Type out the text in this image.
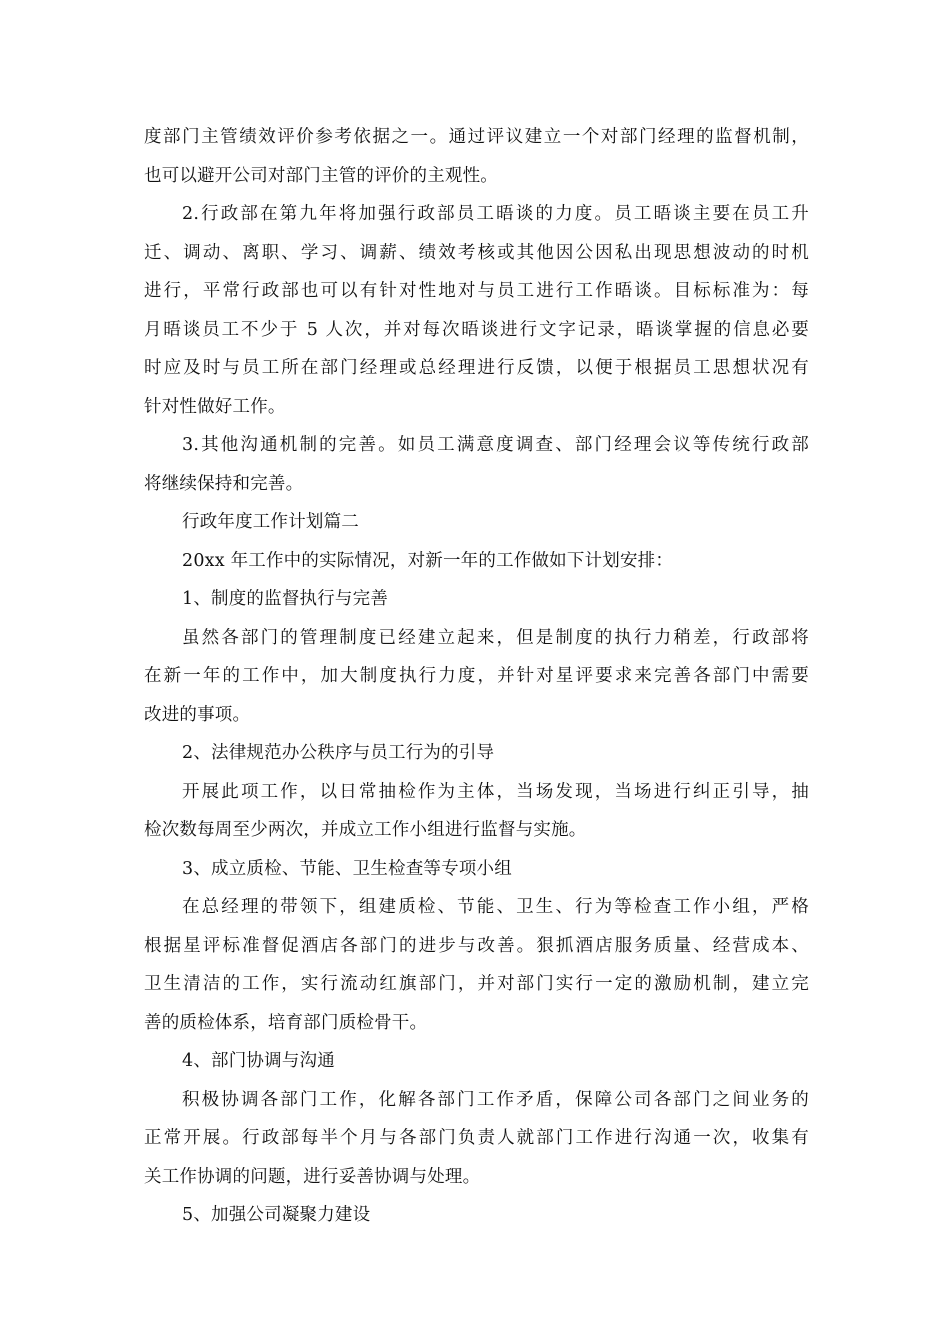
度部门主管绩效评价参考依据之一。通过评议建立一个对部门经理的监督机制，
也可以避开公司对部门主管的评价的主观性。
2.行政部在第九年将加强行政部员工晤谈的力度。员工晤谈主要在员工升
迁、调动、离职、学习、调薪、绩效考核或其他因公因私出现思想波动的时机
进行，平常行政部也可以有针对性地对与员工进行工作晤谈。目标标准为：每
月晤谈员工不少于 5 人次，并对每次晤谈进行文字记录，晤谈掌握的信息必要
时应及时与员工所在部门经理或总经理进行反馈，以便于根据员工思想状况有
针对性做好工作。
3.其他沟通机制的完善。如员工满意度调查、部门经理会议等传统行政部
将继续保持和完善。
行政年度工作计划篇二
20xx 年工作中的实际情况，对新一年的工作做如下计划安排：
1、制度的监督执行与完善
虽然各部门的管理制度已经建立起来，但是制度的执行力稍差，行政部将
在新一年的工作中，加大制度执行力度，并针对星评要求来完善各部门中需要
改进的事项。
2、法律规范办公秩序与员工行为的引导
开展此项工作，以日常抽检作为主体，当场发现，当场进行纠正引导，抽
检次数每周至少两次，并成立工作小组进行监督与实施。
3、成立质检、节能、卫生检查等专项小组
在总经理的带领下，组建质检、节能、卫生、行为等检查工作小组，严格
根据星评标准督促酒店各部门的进步与改善。狠抓酒店服务质量、经营成本、
卫生清洁的工作，实行流动红旗部门，并对部门实行一定的激励机制，建立完
善的质检体系，培育部门质检骨干。
4、部门协调与沟通
积极协调各部门工作，化解各部门工作矛盾，保障公司各部门之间业务的
正常开展。行政部每半个月与各部门负责人就部门工作进行沟通一次，收集有
关工作协调的问题，进行妥善协调与处理。
5、加强公司凝聚力建设
